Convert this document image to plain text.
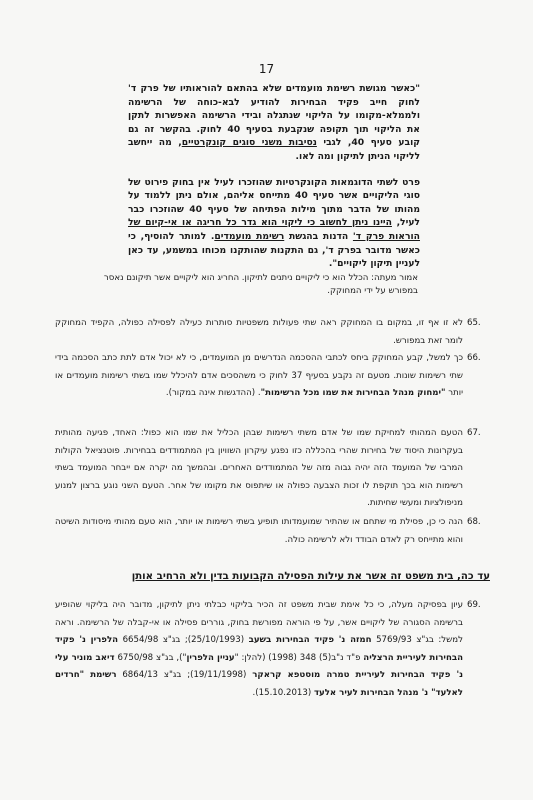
17

"כאשר מגושת רשימת מועמדים שלא בהתאם להוראותיו של פרק ד' לחוק חייב פקיד הבחירות להודיע לבא-כוחה של הרשימה ולממלא-מקומו על הליקוי שנתגלה ובידי הרשימה האפשרות לתקן את הליקוי תוך תקופה שנקבעת בסעיף 40 לחוק. בהקשר זה גם קובע סעיף 40, לגבי נסיבות משני סוגים קונקרטיים, מה ייחשב לליקוי הניתן לתיקון ומה לאו.

פרט לשתי הדוגמאות הקונקרטיות שהוזכרו לעיל אין בחוק פירוט של סוגי הליקויים אשר סעיף 40 מתייחס אליהם, אולם ניתן ללמוד על מהותו של הדבר מתוך מילות הפתיחה של סעיף 40 שהוזכרו כבר לעיל, היינו ניתן לחשוב כי ליקוי הוא גדר כל חריגה או אי-קיום של הוראות פרק ד' הדנות בהגשת רשימת מועמדים. למותר להוסיף, כי כאשר מדובר בפרק ד', גם התקנות שהותקנו מכוחו במשמע, עד כאן לעניין תיקון ליקויים".

אמור מעתה: הכלל הוא כי ליקויים ניתנים לתיקון. החריג הוא ליקויים אשר תיקונם נאסר במפורש על ידי המחוקק.
65.
לא זו אף זו, במקום בו המחוקק ראה שתי פעולות משפטיות סותרות כעילה לפסילה כפולה, הקפיד המחוקק לומר זאת במפורש.
66.
כך למשל, קבע המחוקק ביחס לכתבי ההסכמה הנדרשים מן המועמדים, כי לא יכול אדם לתת כתב הסכמה בידי שתי רשימות שונות. מטעם זה נקבע בסעיף 37 לחוק כי משהסכים אדם להיכלל שמו בשתי רשימות מועמדים או יותר "ימחוק מנהל הבחירות את שמו מכל הרשימות". (ההדגשות אינה במקור).
67.
הטעם המהותי למחיקת שמו של אדם משתי רשימות שבהן הכליל את שמו הוא כפול: האחד, פגיעה מהותית בעקרונות היסוד של בחירות שהרי בהכללה כזו נפגע עיקרון השוויון בין המתמודדים בבחירות. פוטנציאל הקולות המרבי של המועמד הזה יהיה גבוה מזה של המתמודדים האחרים. ובהמשך מה יקרה אם ייבחר המועמד בשתי רשימות הוא בכך תוקפת לו זכות הצבעה כפולה או שיתפוס את מקומו של אחר. הטעם השני נוגע ברצון למנוע מניפולציות ומעשי שחיתות.
68.
הנה כי כן, פסילת מי שתחם או שהתיר שמועמדותו תופיע בשתי רשימות או יותר, הוא טעם מהותי מיסודות השיטה והוא מתייחס רק לאדם הבודד ולא לרשימה כולה.
עד כה, בית משפט זה אשר את עילות הפסילה הקבועות בדין ולא הרחיב אותן
69.
עיון בפסיקה מעלה, כי כל אימת שבית משפט זה הכיר בליקוי כבלתי ניתן לתיקון, מדובר היה בליקוי שהופיע ברשימה הסגורה של ליקויים אשר, על פי הוראה מפורשת בחוק, גוררים פסילה או אי-קבלה של הרשימה. וראה למשל: בג"צ 5769/93 חמזה נ' פקיד הבחירות בשעב (25/10/1993); בג"צ 6654/98 הלפרין נ' פקיד הבחירות לעיריית הרצליה פ"ד נ"ב(5) 348 (1998) (להלן: "עניין הלפרין"), בג"צ 6750/98 דיאב מוניר עלי נ' פקיד הבחירות לעיריית טמרה מוסטפא קראקר (19/11/1998); בג"צ 6864/13 רשימת "חרדים לאלעד" נ' מנהל הבחירות לעיר אלעד (15.10.2013).
